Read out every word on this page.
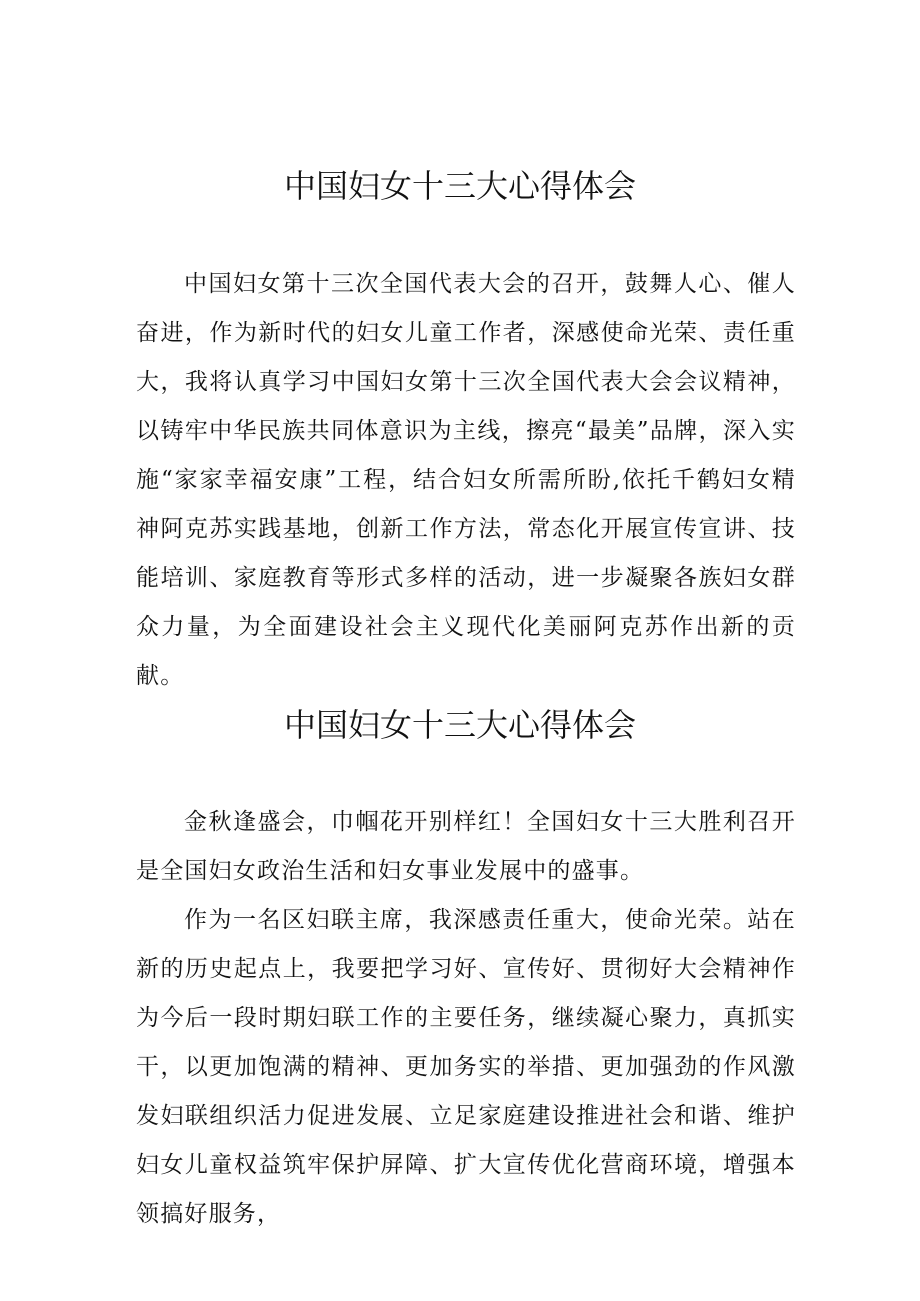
中国妇女十三大心得体会

中国妇女第十三次全国代表大会的召开，鼓舞人心、催人奋进，作为新时代的妇女儿童工作者，深感使命光荣、责任重大，我将认真学习中国妇女第十三次全国代表大会会议精神，以铸牢中华民族共同体意识为主线，擦亮“最美”品牌，深入实施“家家幸福安康”工程，结合妇女所需所盼,依托千鹤妇女精神阿克苏实践基地，创新工作方法，常态化开展宣传宣讲、技能培训、家庭教育等形式多样的活动，进一步凝聚各族妇女群众力量，为全面建设社会主义现代化美丽阿克苏作出新的贡献。

中国妇女十三大心得体会

金秋逢盛会，巾帼花开别样红！全国妇女十三大胜利召开是全国妇女政治生活和妇女事业发展中的盛事。

作为一名区妇联主席，我深感责任重大，使命光荣。站在新的历史起点上，我要把学习好、宣传好、贯彻好大会精神作为今后一段时期妇联工作的主要任务，继续凝心聚力，真抓实干，以更加饱满的精神、更加务实的举措、更加强劲的作风激发妇联组织活力促进发展、立足家庭建设推进社会和谐、维护妇女儿童权益筑牢保护屏障、扩大宣传优化营商环境，增强本领搞好服务，
